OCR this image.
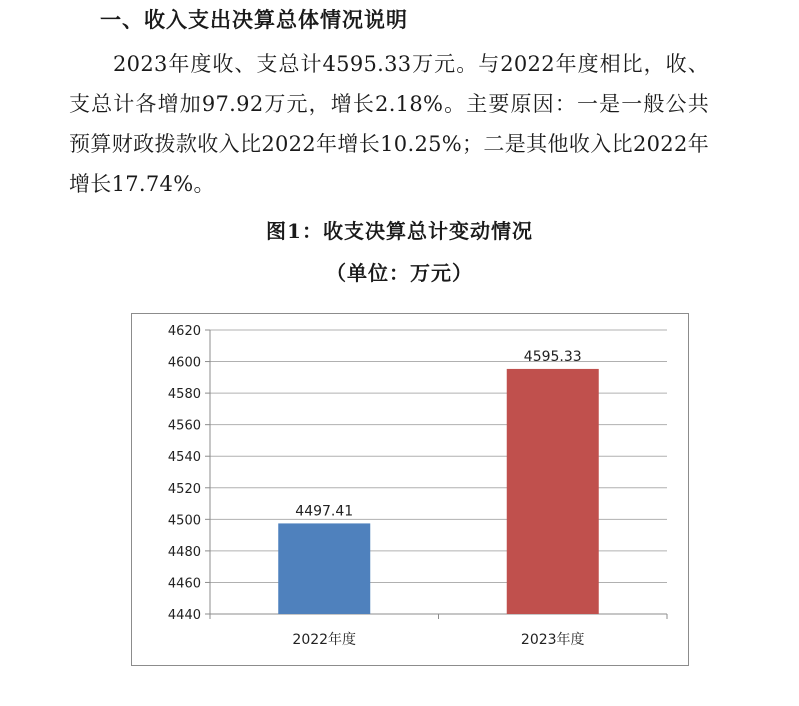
一、收入支出决算总体情况说明

2023年度收、支总计4595.33万元。与2022年度相比，收、支总计各增加97.92万元，增长2.18%。主要原因：一是一般公共预算财政拨款收入比2022年增长10.25%；二是其他收入比2022年增长17.74%。

图1：收支决算总计变动情况
（单位：万元）
4440
4460
4480
4500
4520
4540
4560
4580
4600
4620
4497.41
2022年度
4595.33
2023年度
